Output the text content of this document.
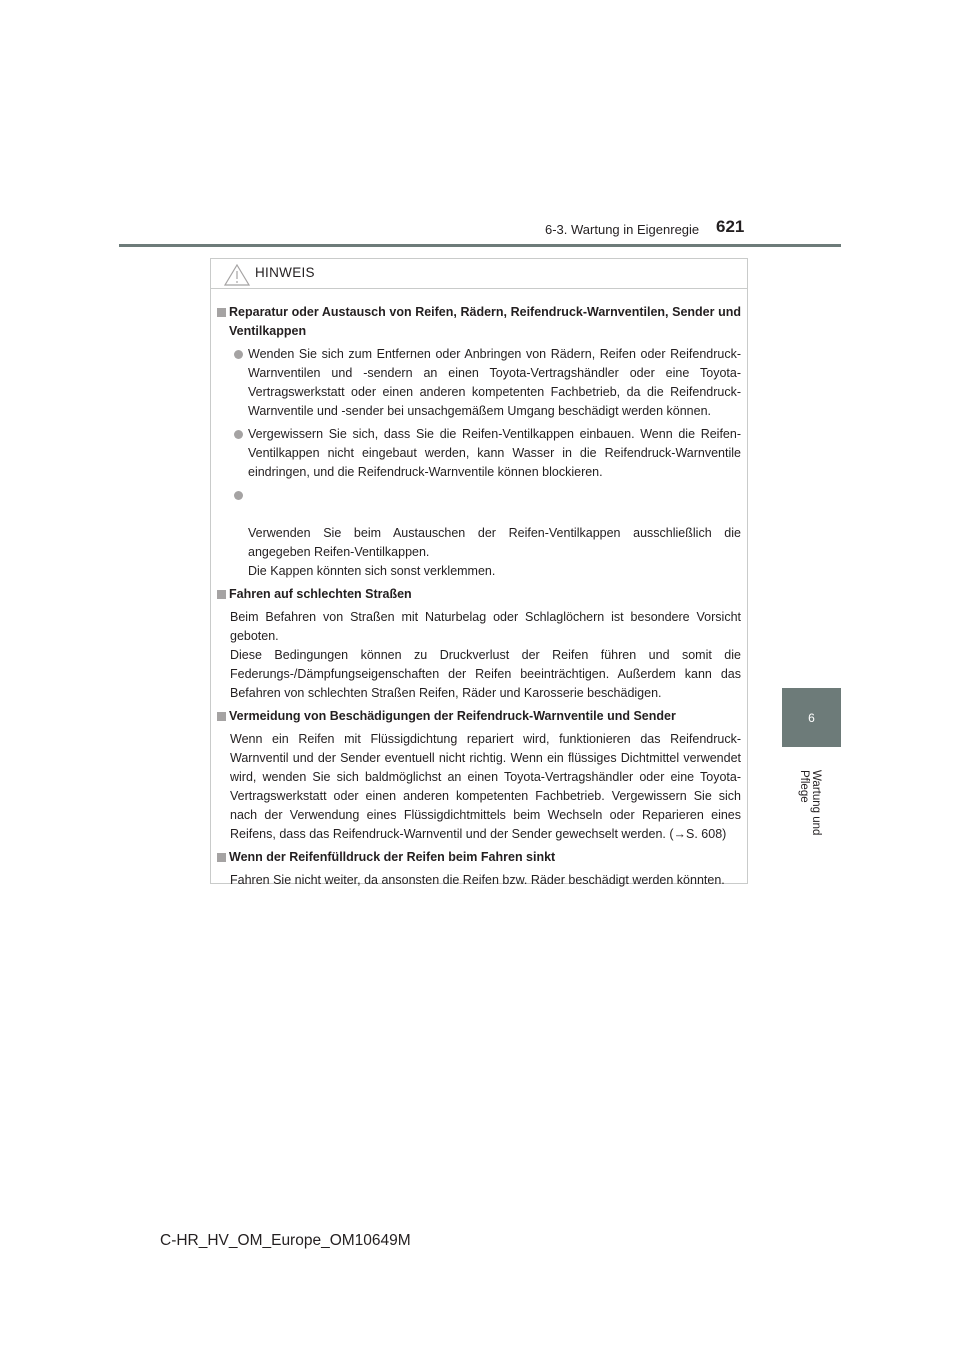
6-3. Wartung in Eigenregie 621
6
Wartung und Pflege
HINWEIS
Reparatur oder Austausch von Reifen, Rädern, Reifendruck-Warnventilen, Sender und Ventilkappen
Wenden Sie sich zum Entfernen oder Anbringen von Rädern, Reifen oder Reifendruck-Warnventilen und -sendern an einen Toyota-Vertragshändler oder eine Toyota-Vertragswerkstatt oder einen anderen kompetenten Fachbetrieb, da die Reifendruck-Warnventile und -sender bei unsachgemäßem Umgang beschädigt werden können.
Vergewissern Sie sich, dass Sie die Reifen-Ventilkappen einbauen. Wenn die Reifen-Ventilkappen nicht eingebaut werden, kann Wasser in die Reifendruck-Warnventile eindringen, und die Reifendruck-Warnventile können blockieren.

Verwenden Sie beim Austauschen der Reifen-Ventilkappen ausschließlich die angegeben Reifen-Ventilkappen.
Die Kappen könnten sich sonst verklemmen.

Fahren auf schlechten Straßen
Beim Befahren von Straßen mit Naturbelag oder Schlaglöchern ist besondere Vorsicht geboten.
Diese Bedingungen können zu Druckverlust der Reifen führen und somit die Federungs-/Dämpfungseigenschaften der Reifen beeinträchtigen. Außerdem kann das Befahren von schlechten Straßen Reifen, Räder und Karosserie beschädigen.
Vermeidung von Beschädigungen der Reifendruck-Warnventile und Sender
Wenn ein Reifen mit Flüssigdichtung repariert wird, funktionieren das Reifendruck-Warnventil und der Sender eventuell nicht richtig. Wenn ein flüssiges Dichtmittel verwendet wird, wenden Sie sich baldmöglichst an einen Toyota-Vertragshändler oder eine Toyota-Vertragswerkstatt oder einen anderen kompetenten Fachbetrieb. Vergewissern Sie sich nach der Verwendung eines Flüssigdichtmittels beim Wechseln oder Reparieren eines Reifens, dass das Reifendruck-Warnventil und der Sender gewechselt werden. (→S. 608)
Wenn der Reifenfülldruck der Reifen beim Fahren sinkt
Fahren Sie nicht weiter, da ansonsten die Reifen bzw. Räder beschädigt werden könnten.
C-HR_HV_OM_Europe_OM10649M
